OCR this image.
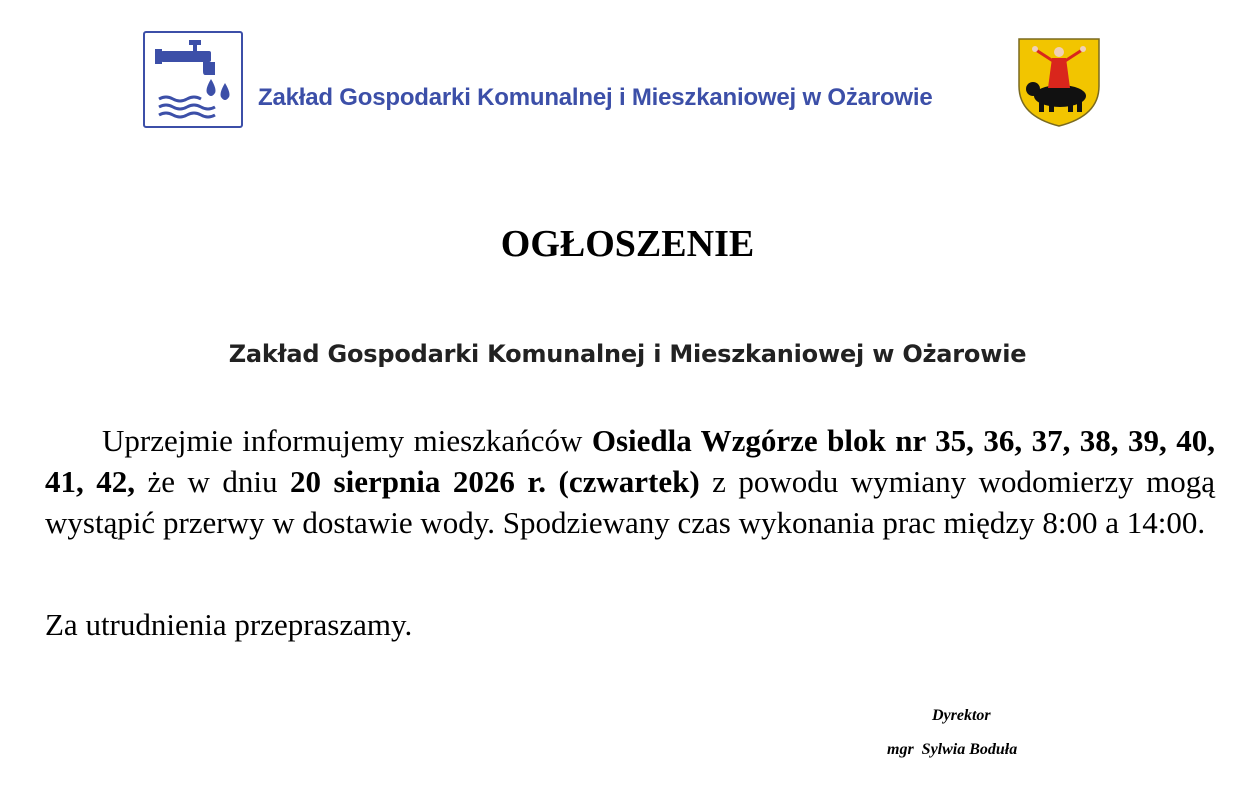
Zakład Gospodarki Komunalnej i Mieszkaniowej w Ożarowie
OGŁOSZENIE
Zakład Gospodarki Komunalnej i Mieszkaniowej w Ożarowie

Uprzejmie informujemy mieszkańców Osiedla Wzgórze blok nr 35, 36, 37, 38, 39, 40, 41, 42, że w dniu 20 sierpnia 2026 r. (czwartek) z powodu wymiany wodomierzy mogą wystąpić przerwy w dostawie wody. Spodziewany czas wykonania prac między 8:00 a 14:00.

Za utrudnienia przepraszamy.

Dyrektor
mgr  Sylwia Boduła
